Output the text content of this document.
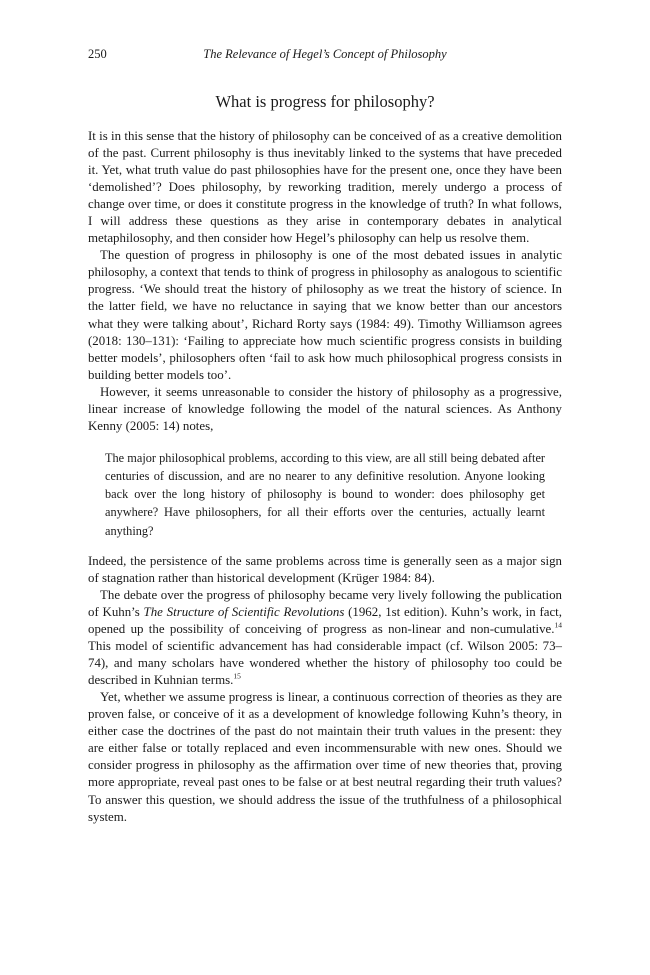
250	The Relevance of Hegel’s Concept of Philosophy
What is progress for philosophy?

It is in this sense that the history of philosophy can be conceived of as a creative demolition of the past. Current philosophy is thus inevitably linked to the systems that have preceded it. Yet, what truth value do past philosophies have for the present one, once they have been ‘demolished’? Does philosophy, by reworking tradition, merely undergo a process of change over time, or does it constitute progress in the knowledge of truth? In what follows, I will address these questions as they arise in contemporary debates in analytical metaphilosophy, and then consider how Hegel’s philosophy can help us resolve them.

The question of progress in philosophy is one of the most debated issues in analytic philosophy, a context that tends to think of progress in philosophy as analogous to scientific progress. ‘We should treat the history of philosophy as we treat the history of science. In the latter field, we have no reluctance in saying that we know better than our ancestors what they were talking about’, Richard Rorty says (1984: 49). Timothy Williamson agrees (2018: 130–131): ‘Failing to appreciate how much scientific progress consists in building better models’, philosophers often ‘fail to ask how much philosophical progress consists in building better models too’.

However, it seems unreasonable to consider the history of philosophy as a progressive, linear increase of knowledge following the model of the natural sciences. As Anthony Kenny (2005: 14) notes,

The major philosophical problems, according to this view, are all still being debated after centuries of discussion, and are no nearer to any definitive resolution. Anyone looking back over the long history of philosophy is bound to wonder: does philosophy get anywhere? Have philosophers, for all their efforts over the centuries, actually learnt anything?

Indeed, the persistence of the same problems across time is generally seen as a major sign of stagnation rather than historical development (Krüger 1984: 84).

The debate over the progress of philosophy became very lively following the publication of Kuhn’s The Structure of Scientific Revolutions (1962, 1st edition). Kuhn’s work, in fact, opened up the possibility of conceiving of progress as non-linear and non-cumulative.$^{14}$ This model of scientific advancement has had considerable impact (cf. Wilson 2005: 73–74), and many scholars have wondered whether the history of philosophy too could be described in Kuhnian terms.$^{15}$

Yet, whether we assume progress is linear, a continuous correction of theories as they are proven false, or conceive of it as a development of knowledge following Kuhn’s theory, in either case the doctrines of the past do not maintain their truth values in the present: they are either false or totally replaced and even incommensurable with new ones. Should we consider progress in philosophy as the affirmation over time of new theories that, proving more appropriate, reveal past ones to be false or at best neutral regarding their truth values? To answer this question, we should address the issue of the truthfulness of a philosophical system.
